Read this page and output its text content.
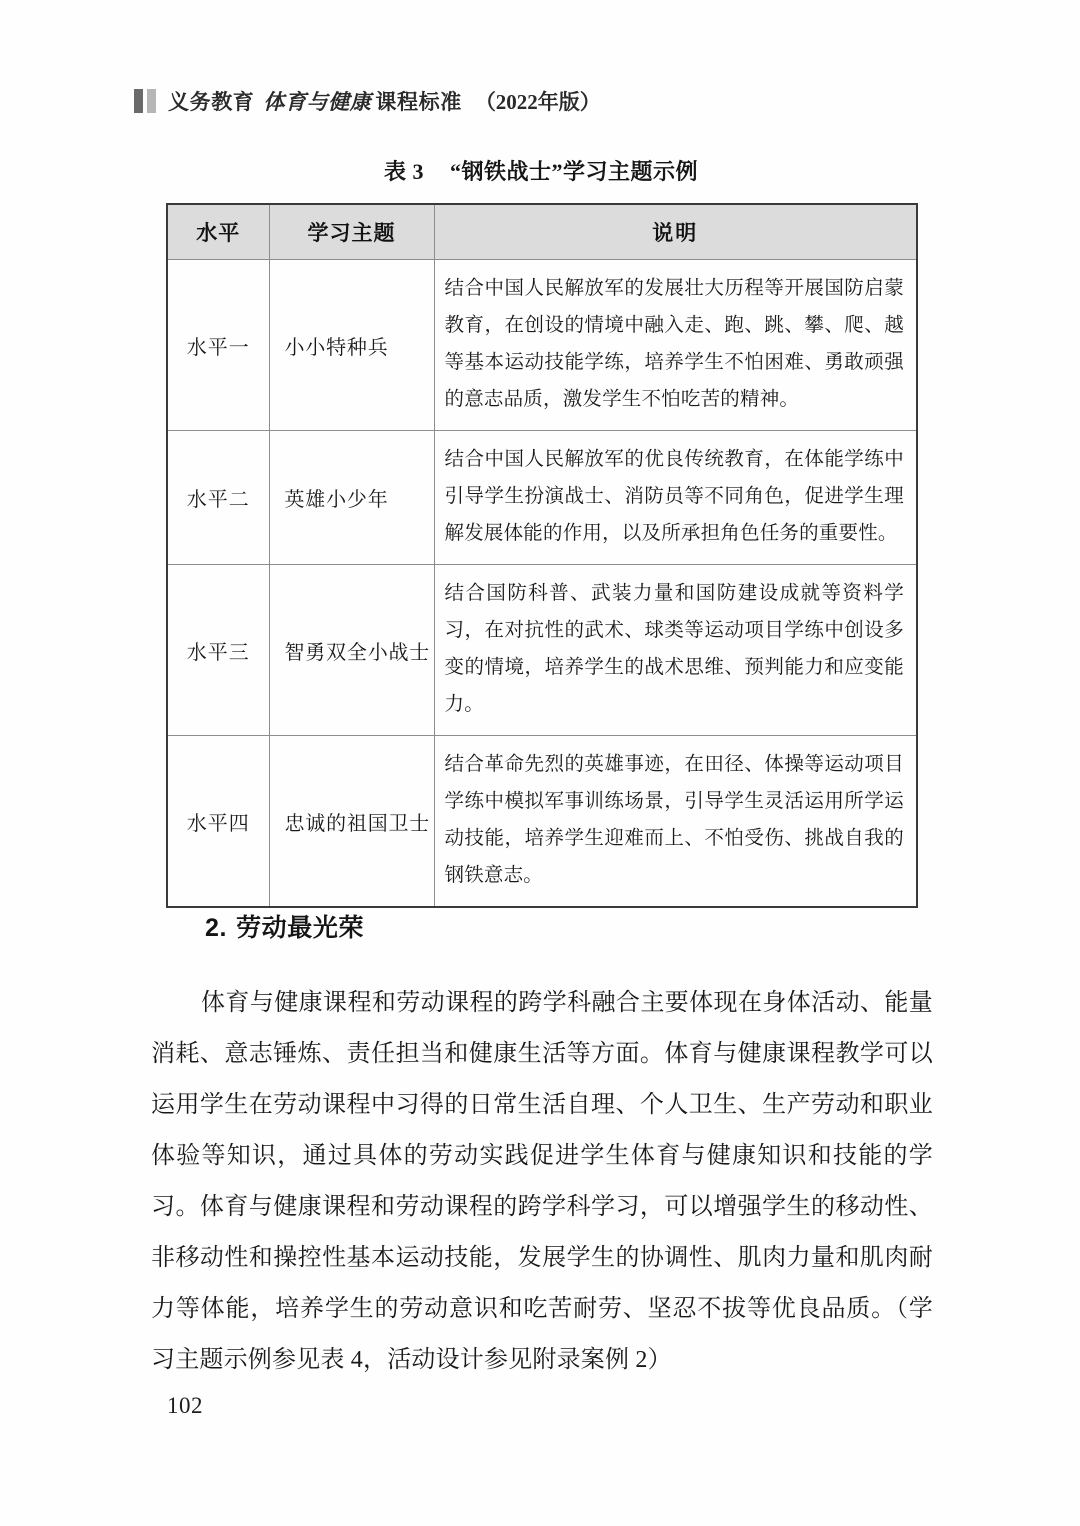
义务教育 体育与健康 课程标准 （2022年版）
表 3 “钢铁战士”学习主题示例
水平	学习主题	说明
水平一	小小特种兵	结合中国人民解放军的发展壮大历程等开展国防启蒙教育，在创设的情境中融入走、跑、跳、攀、爬、越等基本运动技能学练，培养学生不怕困难、勇敢顽强的意志品质，激发学生不怕吃苦的精神。
水平二	英雄小少年	结合中国人民解放军的优良传统教育，在体能学练中引导学生扮演战士、消防员等不同角色，促进学生理解发展体能的作用，以及所承担角色任务的重要性。
水平三	智勇双全小战士	结合国防科普、武装力量和国防建设成就等资料学习，在对抗性的武术、球类等运动项目学练中创设多变的情境，培养学生的战术思维、预判能力和应变能力。
水平四	忠诚的祖国卫士	结合革命先烈的英雄事迹，在田径、体操等运动项目学练中模拟军事训练场景，引导学生灵活运用所学运动技能，培养学生迎难而上、不怕受伤、挑战自我的钢铁意志。
2. 劳动最光荣
体育与健康课程和劳动课程的跨学科融合主要体现在身体活动、能量消耗、意志锤炼、责任担当和健康生活等方面。体育与健康课程教学可以运用学生在劳动课程中习得的日常生活自理、个人卫生、生产劳动和职业体验等知识，通过具体的劳动实践促进学生体育与健康知识和技能的学习。体育与健康课程和劳动课程的跨学科学习，可以增强学生的移动性、非移动性和操控性基本运动技能，发展学生的协调性、肌肉力量和肌肉耐力等体能，培养学生的劳动意识和吃苦耐劳、坚忍不拔等优良品质。（学习主题示例参见表 4，活动设计参见附录案例 2）
102
